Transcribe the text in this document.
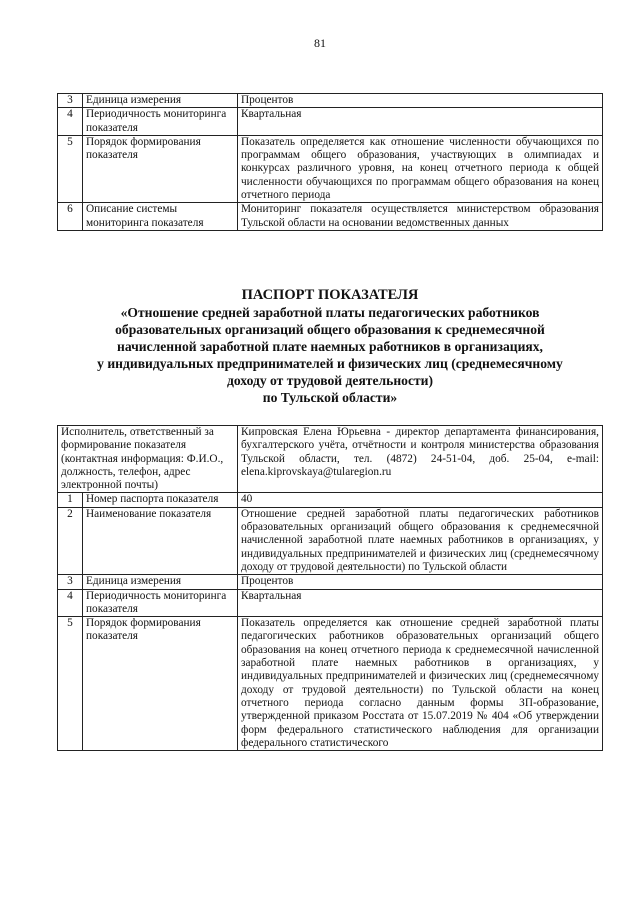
81
3	Единица измерения	Процентов
4	Периодичность мониторинга показателя	Квартальная
5	Порядок формирования показателя	Показатель определяется как отношение численности обучающихся по программам общего образования, участвующих в олимпиадах и конкурсах различного уровня, на конец отчетного периода к общей численности обучающихся по программам общего образования на конец отчетного периода
6	Описание системы мониторинга показателя	Мониторинг показателя осуществляется министерством образования Тульской области на основании ведомственных данных
ПАСПОРТ ПОКАЗАТЕЛЯ
«Отношение средней заработной платы педагогических работников
образовательных организаций общего образования к среднемесячной
начисленной заработной плате наемных работников в организациях,
у индивидуальных предпринимателей и физических лиц (среднемесячному
доходу от трудовой деятельности)
по Тульской области»
Исполнитель, ответственный за формирование показателя (контактная информация: Ф.И.О., должность, телефон, адрес электронной почты)		Кипровская Елена Юрьевна - директор департамента финансирования, бухгалтерского учёта, отчётности и контроля министерства образования Тульской области, тел. (4872) 24-51-04, доб. 25-04, e-mail: elena.kiprovskaya@tularegion.ru
1	Номер паспорта показателя	40
2	Наименование показателя	Отношение средней заработной платы педагогических работников образовательных организаций общего образования к среднемесячной начисленной заработной плате наемных работников в организациях, у индивидуальных предпринимателей и физических лиц (среднемесячному доходу от трудовой деятельности) по Тульской области
3	Единица измерения	Процентов
4	Периодичность мониторинга показателя	Квартальная
5	Порядок формирования показателя	Показатель определяется как отношение средней заработной платы педагогических работников образовательных организаций общего образования на конец отчетного периода к среднемесячной начисленной заработной плате наемных работников в организациях, у индивидуальных предпринимателей и физических лиц (среднемесячному доходу от трудовой деятельности) по Тульской области на конец отчетного периода согласно данным формы ЗП-образование, утвержденной приказом Росстата от 15.07.2019 № 404 «Об утверждении форм федерального статистического наблюдения для организации федерального статистического
